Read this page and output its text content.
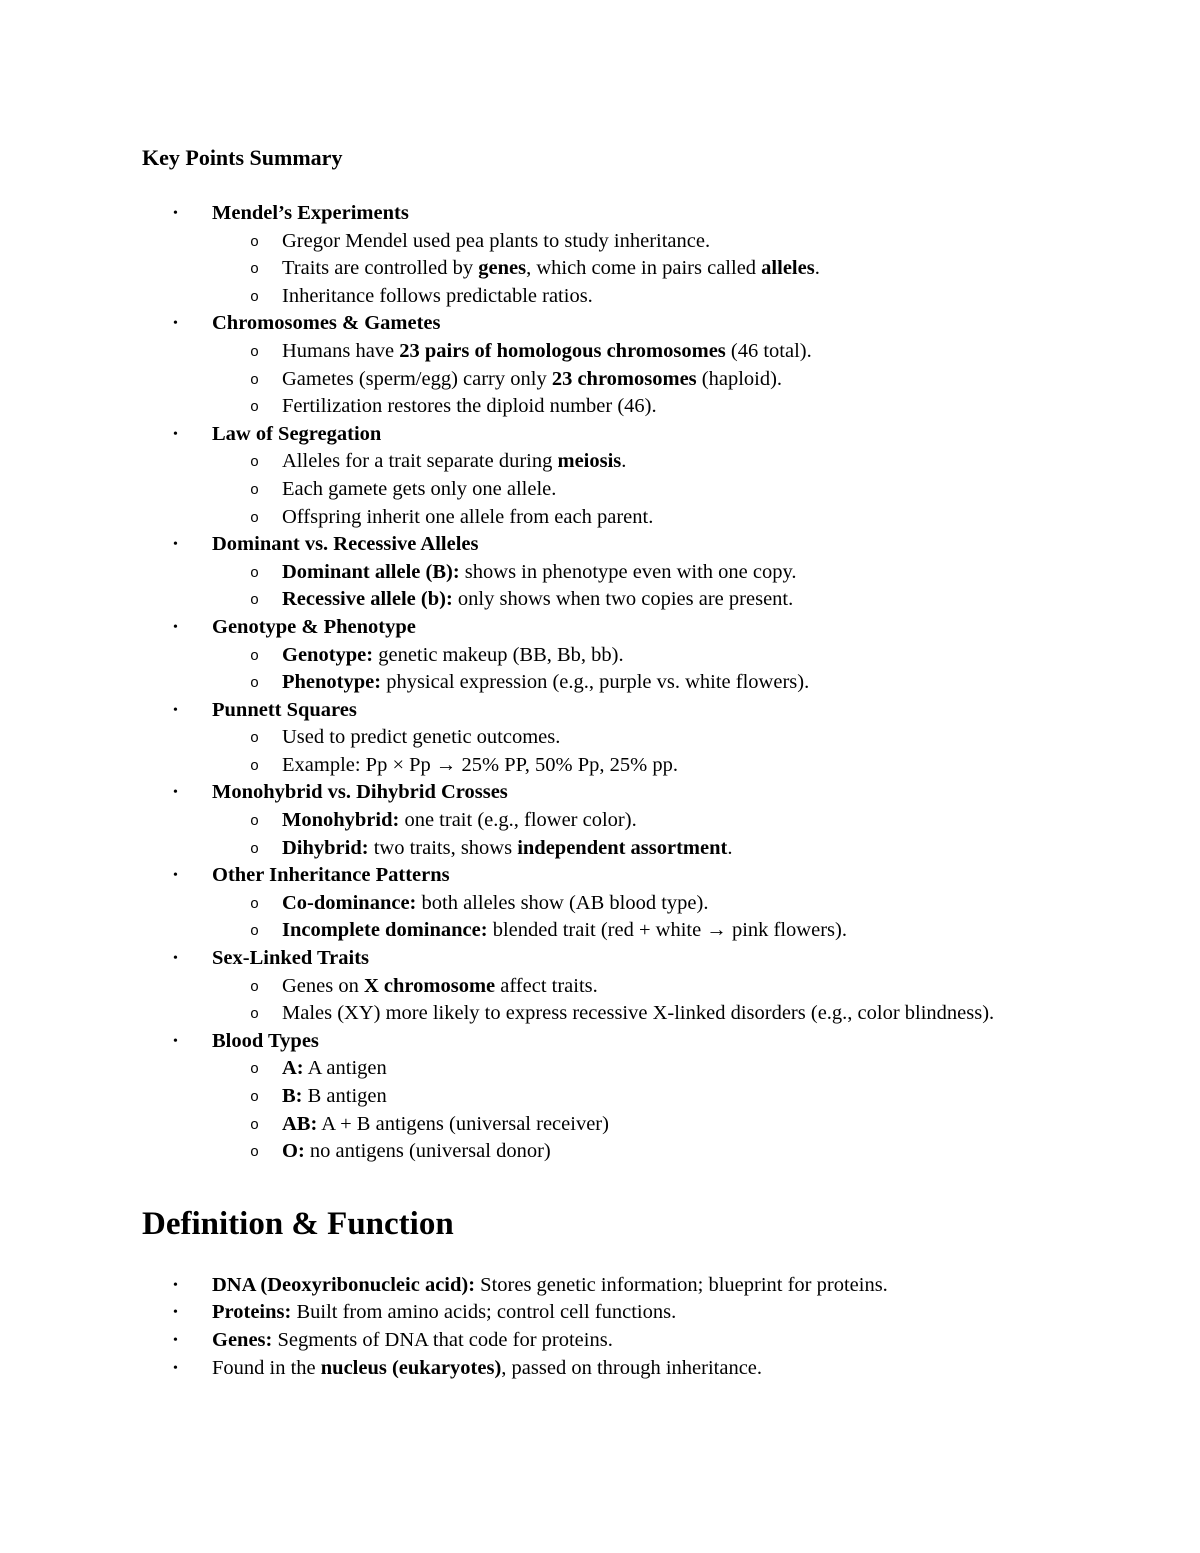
Key Points Summary
• Mendel’s Experiments
o Gregor Mendel used pea plants to study inheritance.
o Traits are controlled by genes, which come in pairs called alleles.
o Inheritance follows predictable ratios.
• Chromosomes & Gametes
o Humans have 23 pairs of homologous chromosomes (46 total).
o Gametes (sperm/egg) carry only 23 chromosomes (haploid).
o Fertilization restores the diploid number (46).
• Law of Segregation
o Alleles for a trait separate during meiosis.
o Each gamete gets only one allele.
o Offspring inherit one allele from each parent.
• Dominant vs. Recessive Alleles
o Dominant allele (B): shows in phenotype even with one copy.
o Recessive allele (b): only shows when two copies are present.
• Genotype & Phenotype
o Genotype: genetic makeup (BB, Bb, bb).
o Phenotype: physical expression (e.g., purple vs. white flowers).
• Punnett Squares
o Used to predict genetic outcomes.
o Example: Pp × Pp → 25% PP, 50% Pp, 25% pp.
• Monohybrid vs. Dihybrid Crosses
o Monohybrid: one trait (e.g., flower color).
o Dihybrid: two traits, shows independent assortment.
• Other Inheritance Patterns
o Co-dominance: both alleles show (AB blood type).
o Incomplete dominance: blended trait (red + white → pink flowers).
• Sex-Linked Traits
o Genes on X chromosome affect traits.
o Males (XY) more likely to express recessive X-linked disorders (e.g., color blindness).
• Blood Types
o A: A antigen
o B: B antigen
o AB: A + B antigens (universal receiver)
o O: no antigens (universal donor)
Definition & Function
• DNA (Deoxyribonucleic acid): Stores genetic information; blueprint for proteins.
• Proteins: Built from amino acids; control cell functions.
• Genes: Segments of DNA that code for proteins.
• Found in the nucleus (eukaryotes), passed on through inheritance.
